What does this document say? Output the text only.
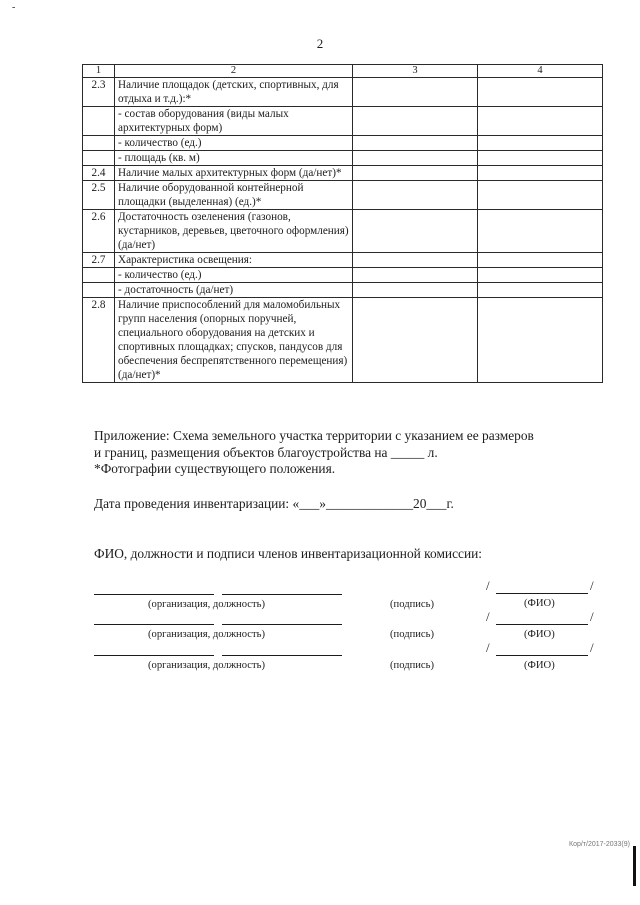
-
2
1	2	3	4
2.3	Наличие площадок (детских, спортивных, для отдыха и т.д.):*		
	- состав оборудования (виды малых архитектурных форм)		
	- количество (ед.)		
	- площадь (кв. м)		
2.4	Наличие малых архитектурных форм (да/нет)*		
2.5	Наличие оборудованной контейнерной площадки (выделенная) (ед.)*		
2.6	Достаточность озеленения (газонов, кустарников, деревьев, цветочного оформления) (да/нет)		
2.7	Характеристика освещения:		
	- количество (ед.)		
	- достаточность (да/нет)		
2.8	Наличие приспособлений для маломобильных групп населения (опорных поручней, специального оборудования на детских и спортивных площадках; спусков, пандусов для обеспечения беспрепятственного перемещения) (да/нет)*		
Приложение: Схема земельного участка территории с указанием ее размеров
и границ, размещения объектов благоустройства на _____ л.
*Фотографии существующего положения.
Дата проведения инвентаризации: «___»_____________20___г.
ФИО, должности и подписи членов инвентаризационной комиссии:
(организация, должность)	(подпись)
/	/
(ФИО)
(организация, должность)	(подпись)
/	/
(ФИО)
(организация, должность)	(подпись)
/	/
(ФИО)
Кор/т/2017-2033(9)
